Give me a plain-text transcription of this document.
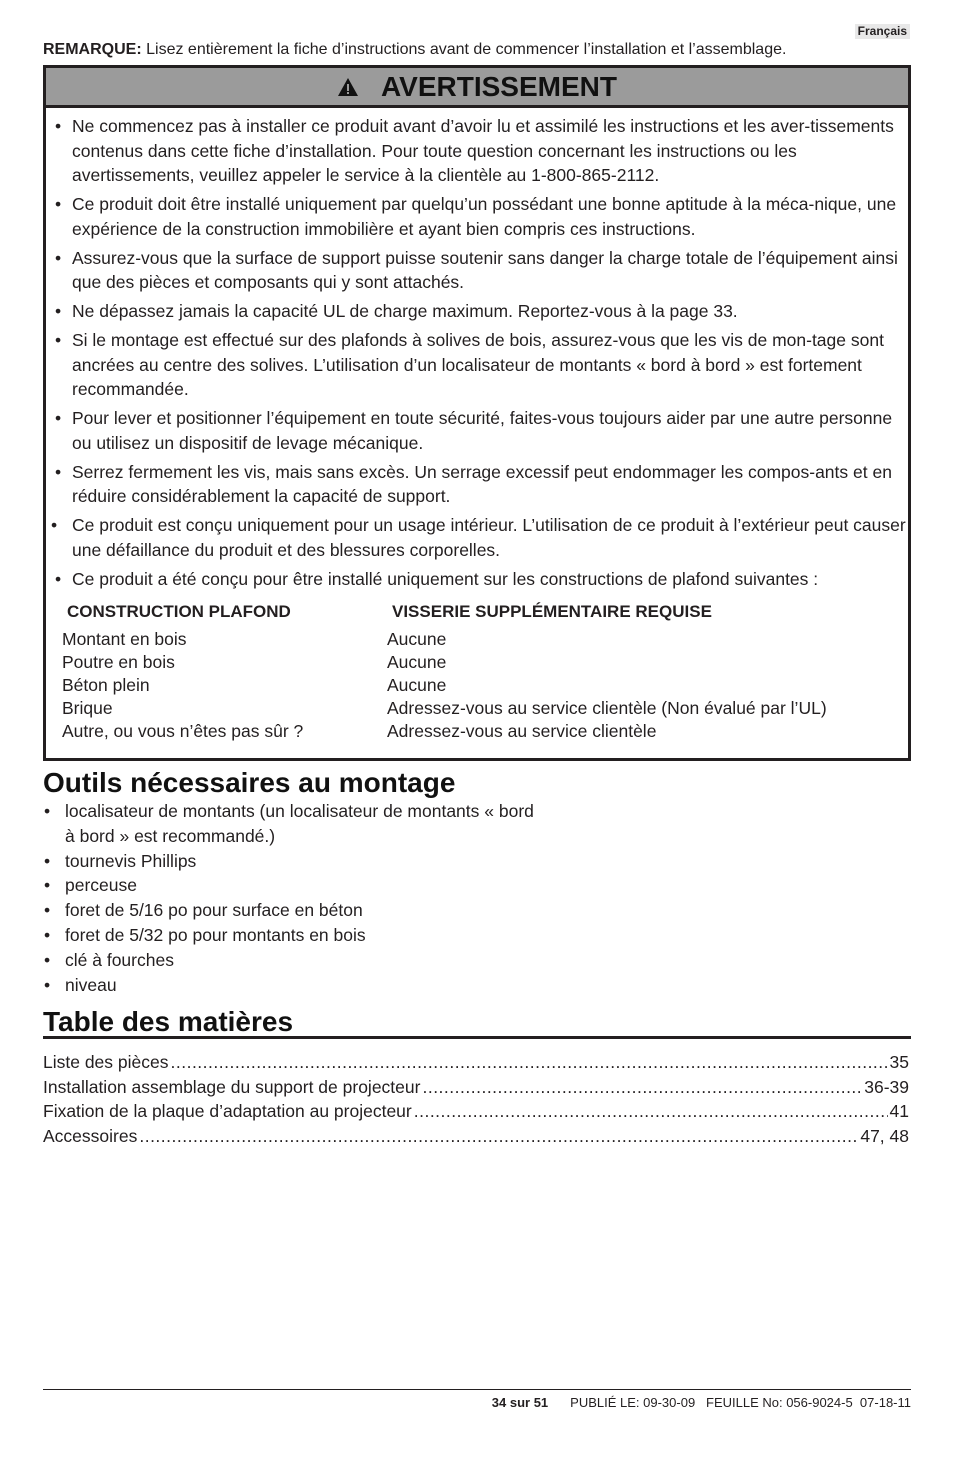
Français
REMARQUE: Lisez entièrement la fiche d’instructions avant de commencer l’installation et l’assemblage.
AVERTISSEMENT
• Ne commencez pas à installer ce produit avant d’avoir lu et assimilé les instructions et les aver-tissements contenus dans cette fiche d’installation. Pour toute question concernant les instructions ou les avertissements, veuillez appeler le service à la clientèle au 1-800-865-2112.
• Ce produit doit être installé uniquement par quelqu’un possédant une bonne aptitude à la méca-nique, une expérience de la construction immobilière et ayant bien compris ces instructions.
• Assurez-vous que la surface de support puisse soutenir sans danger la charge totale de l’équipement ainsi que des pièces et composants qui y sont attachés.
• Ne dépassez jamais la capacité UL de charge maximum. Reportez-vous à la page 33.
• Si le montage est effectué sur des plafonds à solives de bois, assurez-vous que les vis de mon-tage sont ancrées au centre des solives. L’utilisation d’un localisateur de montants « bord à bord » est fortement recommandée.
• Pour lever et positionner l’équipement en toute sécurité, faites-vous toujours aider par une autre personne ou utilisez un dispositif de levage mécanique.
• Serrez fermement les vis, mais sans excès. Un serrage excessif peut endommager les compos-ants et en réduire considérablement la capacité de support.
• Ce produit est conçu uniquement pour un usage intérieur. L’utilisation de ce produit à l’extérieur peut causer une défaillance du produit et des blessures corporelles.
• Ce produit a été conçu pour être installé uniquement sur les constructions de plafond suivantes :
CONSTRUCTION PLAFOND	VISSERIE SUPPLÉMENTAIRE REQUISE
Montant en bois	Aucune
Poutre en bois	Aucune
Béton plein	Aucune
Brique	Adressez-vous au service clientèle (Non évalué par l’UL)
Autre, ou vous n’êtes pas sûr ?	Adressez-vous au service clientèle
Outils nécessaires au montage
• localisateur de montants (un localisateur de montants « bord à bord » est recommandé.)
• tournevis Phillips
• perceuse
• foret de 5/16 po pour surface en béton
• foret de 5/32 po pour montants en bois
• clé à fourches
• niveau
Table des matières
Liste des pièces .....	35
Installation assemblage du support de projecteur .....	36-39
Fixation de la plaque d’adaptation au projecteur .....	41
Accessoires .....	47, 48
34 sur 51 PUBLIÉ LE: 09-30-09   FEUILLE No: 056-9024-5  07-18-11
